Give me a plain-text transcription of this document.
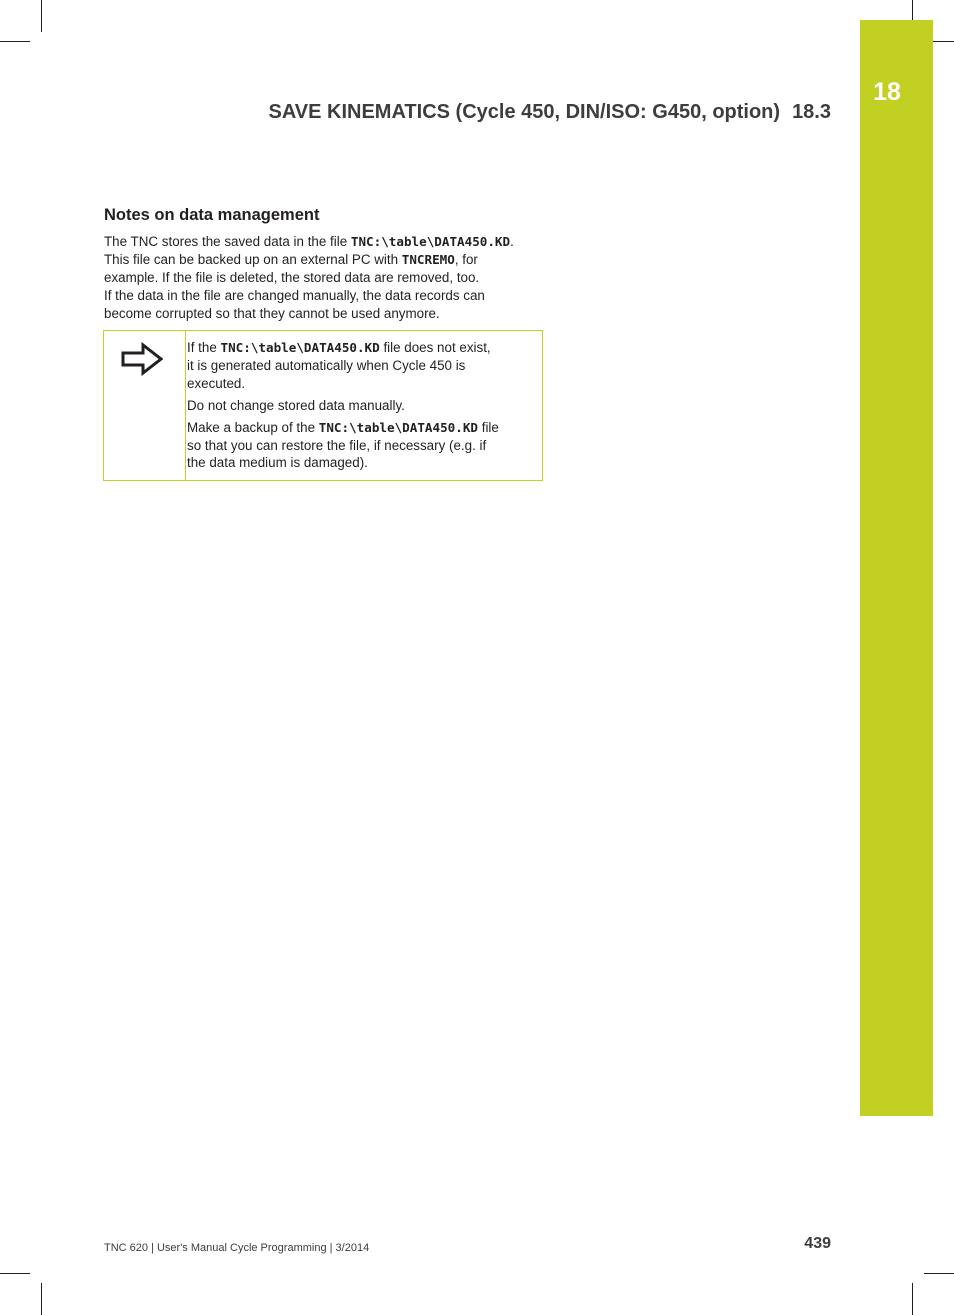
18
SAVE KINEMATICS (Cycle 450, DIN/ISO: G450, option) 18.3
Notes on data management
The TNC stores the saved data in the file TNC:\table\DATA450.KD.
This file can be backed up on an external PC with TNCREMO, for
example. If the file is deleted, the stored data are removed, too.
If the data in the file are changed manually, the data records can
become corrupted so that they cannot be used anymore.
If the TNC:\table\DATA450.KD file does not exist,
it is generated automatically when Cycle 450 is
executed.
Do not change stored data manually.
Make a backup of the TNC:\table\DATA450.KD file
so that you can restore the file, if necessary (e.g. if
the data medium is damaged).
TNC 620 | User's Manual Cycle Programming | 3/2014	439
